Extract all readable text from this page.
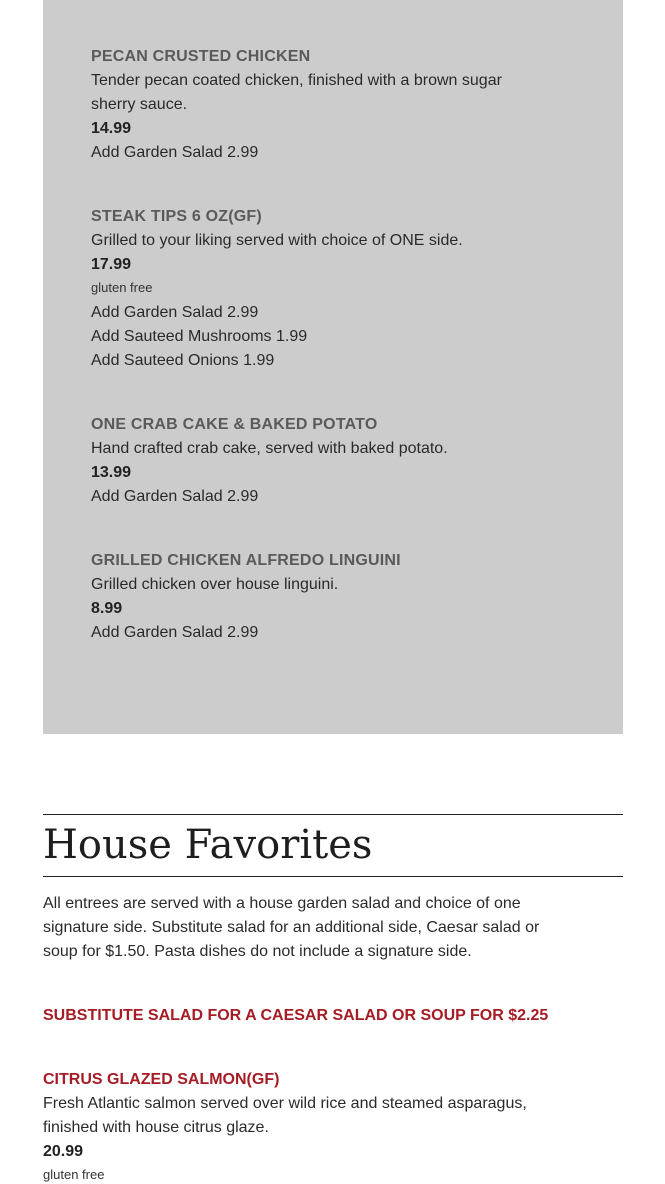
PECAN CRUSTED CHICKEN
Tender pecan coated chicken, finished with a brown sugar
sherry sauce.
14.99
Add Garden Salad 2.99
STEAK TIPS 6 OZ(GF)
Grilled to your liking served with choice of ONE side.
17.99
gluten free
Add Garden Salad 2.99
Add Sauteed Mushrooms 1.99
Add Sauteed Onions 1.99
ONE CRAB CAKE & BAKED POTATO
Hand crafted crab cake, served with baked potato.
13.99
Add Garden Salad 2.99
GRILLED CHICKEN ALFREDO LINGUINI
Grilled chicken over house linguini.
8.99
Add Garden Salad 2.99
House Favorites
All entrees are served with a house garden salad and choice of one
signature side. Substitute salad for an additional side, Caesar salad or
soup for $1.50. Pasta dishes do not include a signature side.
SUBSTITUTE SALAD FOR A CAESAR SALAD OR SOUP FOR $2.25
CITRUS GLAZED SALMON(GF)
Fresh Atlantic salmon served over wild rice and steamed asparagus,
finished with house citrus glaze.
20.99
gluten free
